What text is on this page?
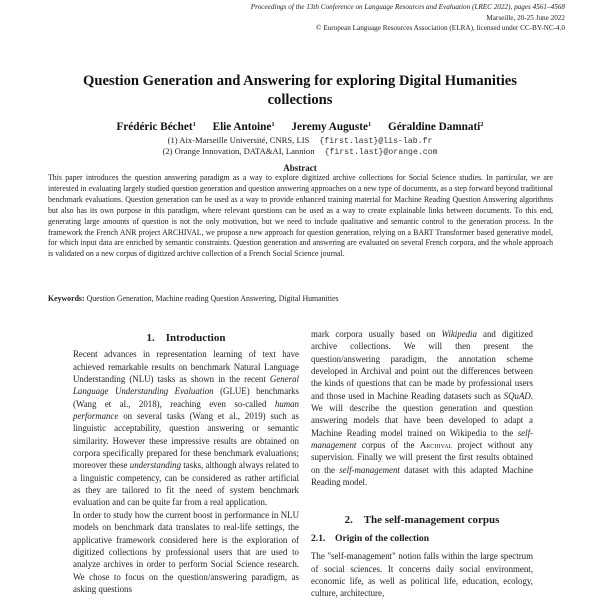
Proceedings of the 13th Conference on Language Resources and Evaluation (LREC 2022), pages 4561–4568
Marseille, 20-25 June 2022
© European Language Resources Association (ELRA), licensed under CC-BY-NC-4.0
Question Generation and Answering for exploring Digital Humanities
collections
Frédéric Béchet$^1$ Elie Antoine$^1$ Jeremy Auguste$^1$ Géraldine Damnati$^2$
(1) Aix-Marseille Université, CNRS, LIS {first.last}@lis-lab.fr
(2) Orange Innovation, DATA&AI, Lannion {first.last}@orange.com
Abstract
This paper introduces the question answering paradigm as a way to explore digitized archive collections for Social Science studies. In particular, we are interested in evaluating largely studied question generation and question answering approaches on a new type of documents, as a step forward beyond traditional benchmark evaluations. Question generation can be used as a way to provide enhanced training material for Machine Reading Question Answering algorithms but also has its own purpose in this paradigm, where relevant questions can be used as a way to create explainable links between documents. To this end, generating large amounts of question is not the only motivation, but we need to include qualitative and semantic control to the generation process. In the framework the French ANR project ARCHIVAL, we propose a new approach for question generation, relying on a BART Transformer based generative model, for which input data are enriched by semantic constraints. Question generation and answering are evaluated on several French corpora, and the whole approach is validated on a new corpus of digitized archive collection of a French Social Science journal.
Keywords: Question Generation, Machine reading Question Answering, Digital Humanities
1.    Introduction

Recent advances in representation learning of text have achieved remarkable results on benchmark Natural Language Understanding (NLU) tasks as shown in the recent General Language Understanding Evaluation (GLUE) benchmarks (Wang et al., 2018), reaching even so-called human performance on several tasks (Wang et al., 2019) such as linguistic acceptability, question answering or semantic similarity. However these impressive results are obtained on corpora specifically prepared for these benchmark evaluations; moreover these understanding tasks, although always related to a linguistic competency, can be considered as rather artificial as they are tailored to fit the need of system benchmark evaluation and can be quite far from a real application.

In order to study how the current boost in performance in NLU models on benchmark data translates to real-life settings, the applicative framework considered here is the exploration of digitized collections by professional users that are used to analyze archives in order to perform Social Science research. We chose to focus on the question/answering paradigm, as asking questions

mark corpora usually based on Wikipedia and digitized archive collections. We will then present the question/answering paradigm, the annotation scheme developed in Archival and point out the differences between the kinds of questions that can be made by professional users and those used in Machine Reading datasets such as SQuAD. We will describe the question generation and question answering models that have been developed to adapt a Machine Reading model trained on Wikipedia to the self-management corpus of the Archival project without any supervision. Finally we will present the first results obtained on the self-management dataset with this adapted Machine Reading model.

2.    The self-management corpus
2.1.    Origin of the collection

The "self-management" notion falls within the large spectrum of social sciences. It concerns daily social environment, economic life, as well as political life, education, ecology, culture, architecture,
